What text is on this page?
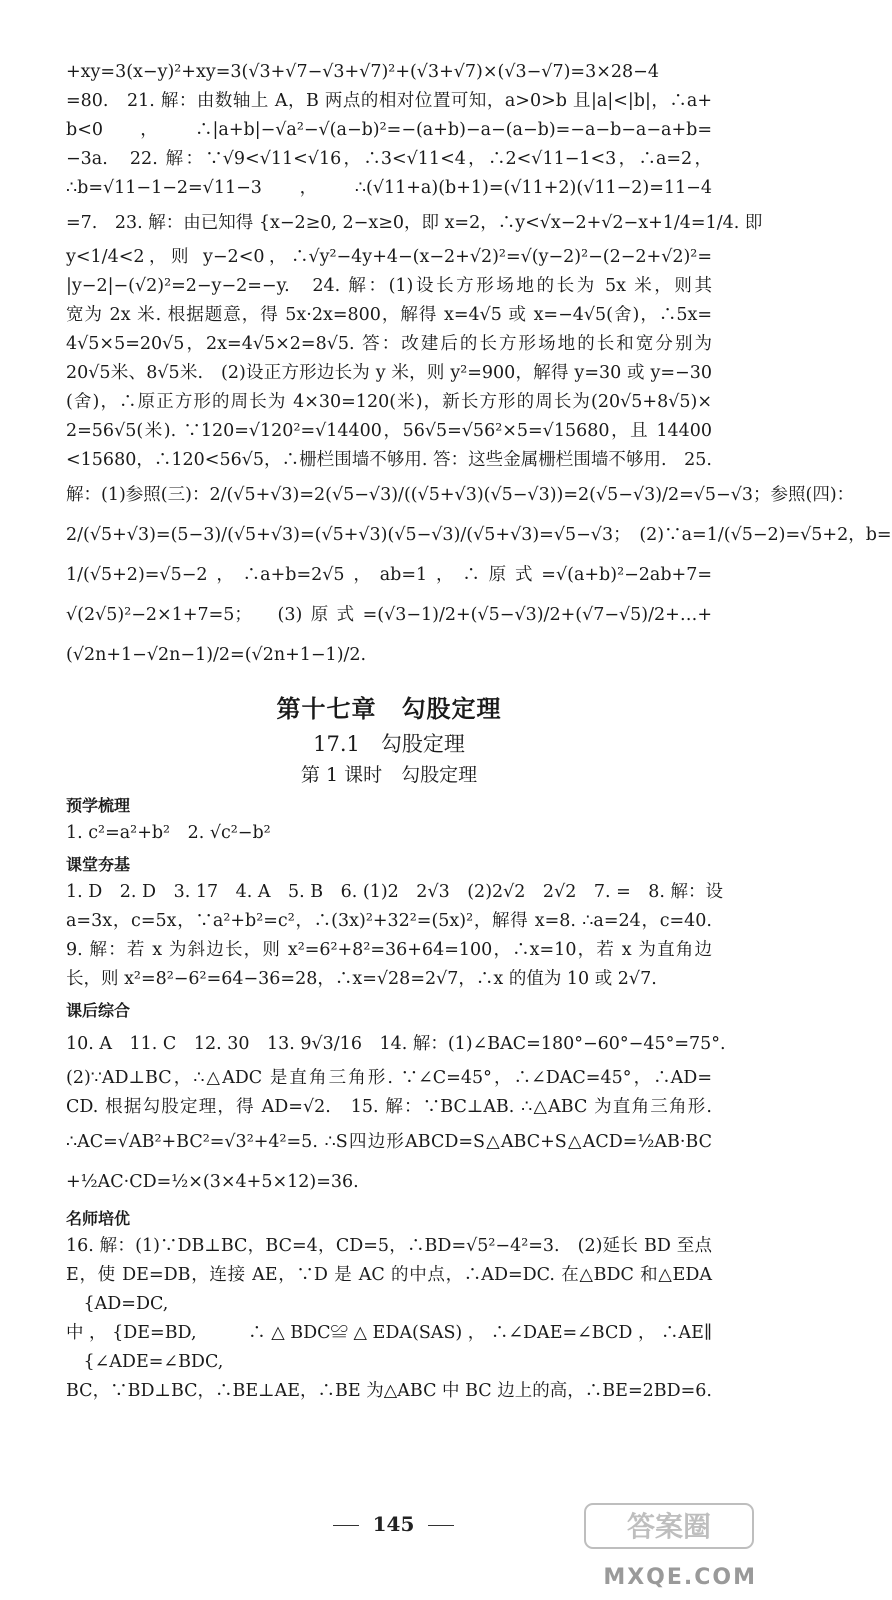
+xy=3(x−y)²+xy=3(√3+√7−√3+√7)²+(√3+√7)×(√3−√7)=3×28−4
=80.　21. 解：由数轴上 A，B 两点的相对位置可知，a>0>b 且|a|<|b|，∴a+
b<0，∴|a+b|−√a²−√(a−b)²=−(a+b)−a−(a−b)=−a−b−a−a+b=
−3a.　22. 解：∵√9<√11<√16，∴3<√11<4，∴2<√11−1<3，∴a=2，
∴b=√11−1−2=√11−3，∴(√11+a)(b+1)=(√11+2)(√11−2)=11−4
=7.　23. 解：由已知得 {x−2≥0, 2−x≥0，即 x=2，∴y<√x−2+√2−x+1/4=1/4. 即
y<1/4<2，则 y−2<0，∴√y²−4y+4−(x−2+√2)²=√(y−2)²−(2−2+√2)²=
|y−2|−(√2)²=2−y−2=−y.　24. 解：(1)设长方形场地的长为 5x 米，则其
宽为 2x 米. 根据题意，得 5x·2x=800，解得 x=4√5 或 x=−4√5(舍)，∴5x=
4√5×5=20√5，2x=4√5×2=8√5. 答：改建后的长方形场地的长和宽分别为
20√5米、8√5米.　(2)设正方形边长为 y 米，则 y²=900，解得 y=30 或 y=−30
(舍)，∴原正方形的周长为 4×30=120(米)，新长方形的周长为(20√5+8√5)×
2=56√5(米). ∵120=√120²=√14400，56√5=√56²×5=√15680，且 14400
<15680，∴120<56√5，∴栅栏围墙不够用. 答：这些金属栅栏围墙不够用.　25.
解：(1)参照(三)：2/(√5+√3)=2(√5−√3)/((√5+√3)(√5−√3))=2(√5−√3)/2=√5−√3；参照(四)：
2/(√5+√3)=(5−3)/(√5+√3)=(√5+√3)(√5−√3)/(√5+√3)=√5−√3；　(2)∵a=1/(√5−2)=√5+2，b=
1/(√5+2)=√5−2，∴a+b=2√5，ab=1，∴原式=√(a+b)²−2ab+7=
√(2√5)²−2×1+7=5；　(3)原式=(√3−1)/2+(√5−√3)/2+(√7−√5)/2+…+
(√2n+1−√2n−1)/2=(√2n+1−1)/2.
第十七章　勾股定理
17.1　勾股定理
第 1 课时　勾股定理
预学梳理
1. c²=a²+b²　2. √c²−b²
课堂夯基
1. D　2. D　3. 17　4. A　5. B　6. (1)2　2√3　(2)2√2　2√2　7. =　8. 解：设
a=3x，c=5x，∵a²+b²=c²，∴(3x)²+32²=(5x)²，解得 x=8. ∴a=24，c=40.
9. 解：若 x 为斜边长，则 x²=6²+8²=36+64=100，∴x=10，若 x 为直角边
长，则 x²=8²−6²=64−36=28，∴x=√28=2√7，∴x 的值为 10 或 2√7.
课后综合
10. A　11. C　12. 30　13. 9√3/16　14. 解：(1)∠BAC=180°−60°−45°=75°.
(2)∵AD⊥BC，∴△ADC 是直角三角形. ∵∠C=45°，∴∠DAC=45°，∴AD=
CD. 根据勾股定理，得 AD=√2.　15. 解：∵BC⊥AB. ∴△ABC 为直角三角形.
∴AC=√AB²+BC²=√3²+4²=5. ∴S四边形ABCD=S△ABC+S△ACD=½AB·BC
+½AC·CD=½×(3×4+5×12)=36.
名师培优
16. 解：(1)∵DB⊥BC，BC=4，CD=5，∴BD=√5²−4²=3.　(2)延长 BD 至点
E，使 DE=DB，连接 AE，∵D 是 AC 的中点，∴AD=DC. 在△BDC 和△EDA
　{AD=DC,
中，{DE=BD,　　∴△BDC≌△EDA(SAS)，∴∠DAE=∠BCD，∴AE∥
　{∠ADE=∠BDC,
BC，∵BD⊥BC，∴BE⊥AE，∴BE 为△ABC 中 BC 边上的高，∴BE=2BD=6.
145	答案圈
MXQE.COM
